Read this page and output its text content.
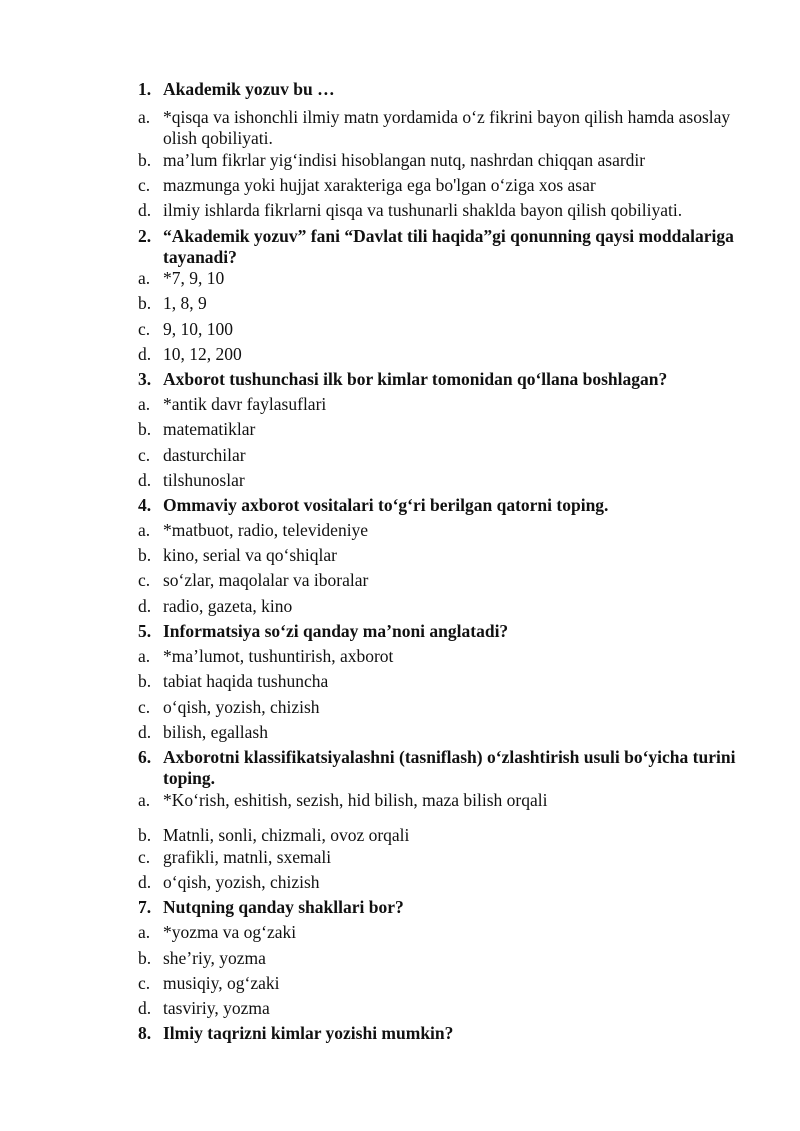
1. Akademik yozuv bu …
a. *qisqa va ishonchli ilmiy matn yordamida o‘z fikrini bayon qilish hamda asoslay olish qobiliyati.
b. ma’lum fikrlar yig‘indisi hisoblangan nutq, nashrdan chiqqan asardir
c. mazmunga yoki hujjat xarakteriga ega bo'lgan o‘ziga xos asar
d. ilmiy ishlarda fikrlarni qisqa va tushunarli shaklda bayon qilish qobiliyati.
2. “Akademik yozuv” fani “Davlat tili haqida”gi qonunning qaysi moddalariga tayanadi?
a. *7, 9, 10
b. 1, 8, 9
c. 9, 10, 100
d. 10, 12, 200
3. Axborot tushunchasi ilk bor kimlar tomonidan qo‘llana boshlagan?
a. *antik davr faylasuflari
b. matematiklar
c. dasturchilar
d. tilshunoslar
4. Ommaviy axborot vositalari to‘g‘ri berilgan qatorni toping.
a. *matbuot, radio, televideniye
b. kino, serial va qo‘shiqlar
c. so‘zlar, maqolalar va iboralar
d. radio, gazeta, kino
5. Informatsiya so‘zi qanday ma’noni anglatadi?
a. *ma’lumot, tushuntirish, axborot
b. tabiat haqida tushuncha
c. o‘qish, yozish, chizish
d. bilish, egallash
6. Axborotni klassifikatsiyalashni (tasniflash) o‘zlashtirish usuli bo‘yicha turini toping.
a. *Ko‘rish, eshitish, sezish, hid bilish, maza bilish orqali
b. Matnli, sonli, chizmali, ovoz orqali
c. grafikli, matnli, sxemali
d. o‘qish, yozish, chizish
7. Nutqning qanday shakllari bor?
a. *yozma va og‘zaki
b. she’riy, yozma
c. musiqiy, og‘zaki
d. tasviriy, yozma
8. Ilmiy taqrizni kimlar yozishi mumkin?
